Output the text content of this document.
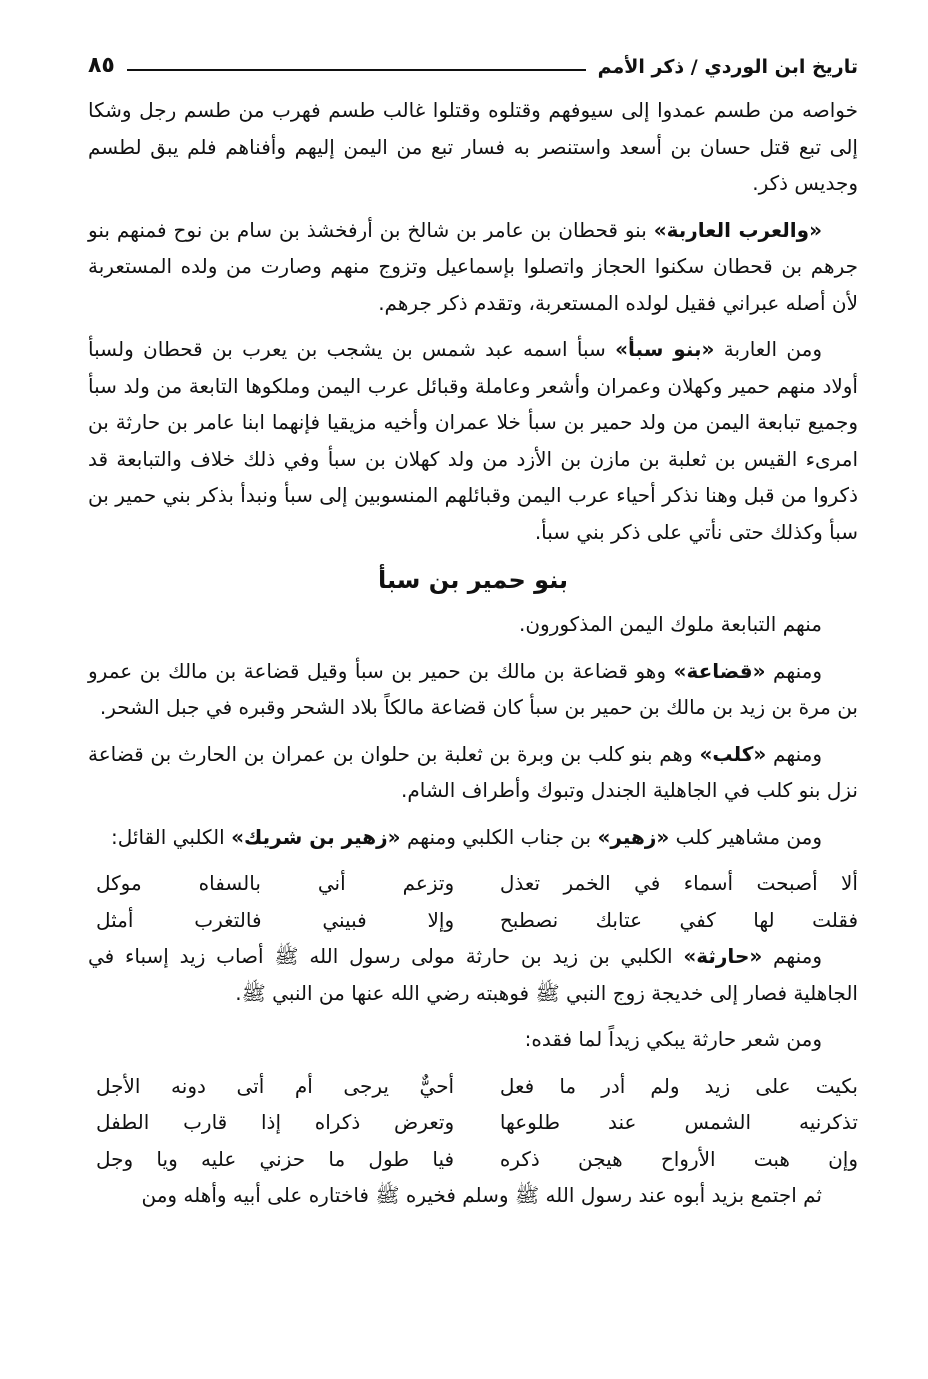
تاريخ ابن الوردي / ذكر الأمم
٨٥

خواصه من طسم عمدوا إلى سيوفهم وقتلوه وقتلوا غالب طسم فهرب من طسم رجل وشكا إلى تبع قتل حسان بن أسعد واستنصر به فسار تبع من اليمن إليهم وأفناهم فلم يبق لطسم وجديس ذكر.

«والعرب العاربة» بنو قحطان بن عامر بن شالخ بن أرفخشذ بن سام بن نوح فمنهم بنو جرهم بن قحطان سكنوا الحجاز واتصلوا بإسماعيل وتزوج منهم وصارت من ولده المستعربة لأن أصله عبراني فقيل لولده المستعربة، وتقدم ذكر جرهم.

ومن العاربة «بنو سبأ» سبأ اسمه عبد شمس بن يشجب بن يعرب بن قحطان ولسبأ أولاد منهم حمير وكهلان وعمران وأشعر وعاملة وقبائل عرب اليمن وملكوها التابعة من ولد سبأ وجميع تبابعة اليمن من ولد حمير بن سبأ خلا عمران وأخيه مزيقيا فإنهما ابنا عامر بن حارثة بن امرىء القيس بن ثعلبة بن مازن بن الأزد من ولد كهلان بن سبأ وفي ذلك خلاف والتبابعة قد ذكروا من قبل وهنا نذكر أحياء عرب اليمن وقبائلهم المنسوبين إلى سبأ ونبدأ بذكر بني حمير بن سبأ وكذلك حتى نأتي على ذكر بني سبأ.

بنو حمير بن سبأ

منهم التبابعة ملوك اليمن المذكورون.

ومنهم «قضاعة» وهو قضاعة بن مالك بن حمير بن سبأ وقيل قضاعة بن مالك بن عمرو بن مرة بن زيد بن مالك بن حمير بن سبأ كان قضاعة مالكاً بلاد الشحر وقبره في جبل الشحر.

ومنهم «كلب» وهم بنو كلب بن وبرة بن ثعلبة بن حلوان بن عمران بن الحارث بن قضاعة نزل بنو كلب في الجاهلية الجندل وتبوك وأطراف الشام.

ومن مشاهير كلب «زهير» بن جناب الكلبي ومنهم «زهير بن شريك» الكلبي القائل:

ألا أصبحت أسماء في الخمر تعذل
وتزعم أني بالسفاه موكل
فقلت لها كفي عتابك نصطبح
وإلا فبيني فالتغرب أمثل

ومنهم «حارثة» الكلبي بن زيد بن حارثة مولى رسول الله ﷺ أصاب زيد إسباء في الجاهلية فصار إلى خديجة زوج النبي ﷺ فوهبته رضي الله عنها من النبي ﷺ.

ومن شعر حارثة يبكي زيداً لما فقده:

بكيت على زيد ولم أدر ما فعل
أحيٌّ يرجى أم أتى دونه الأجل
تذكرنيه الشمس عند طلوعها
وتعرض ذكراه إذا قارب الطفل
وإن هبت الأرواح هيجن ذكره
فيا طول ما حزني عليه ويا وجل

ثم اجتمع بزيد أبوه عند رسول الله ﷺ وسلم فخيره ﷺ فاختاره على أبيه وأهله ومن
